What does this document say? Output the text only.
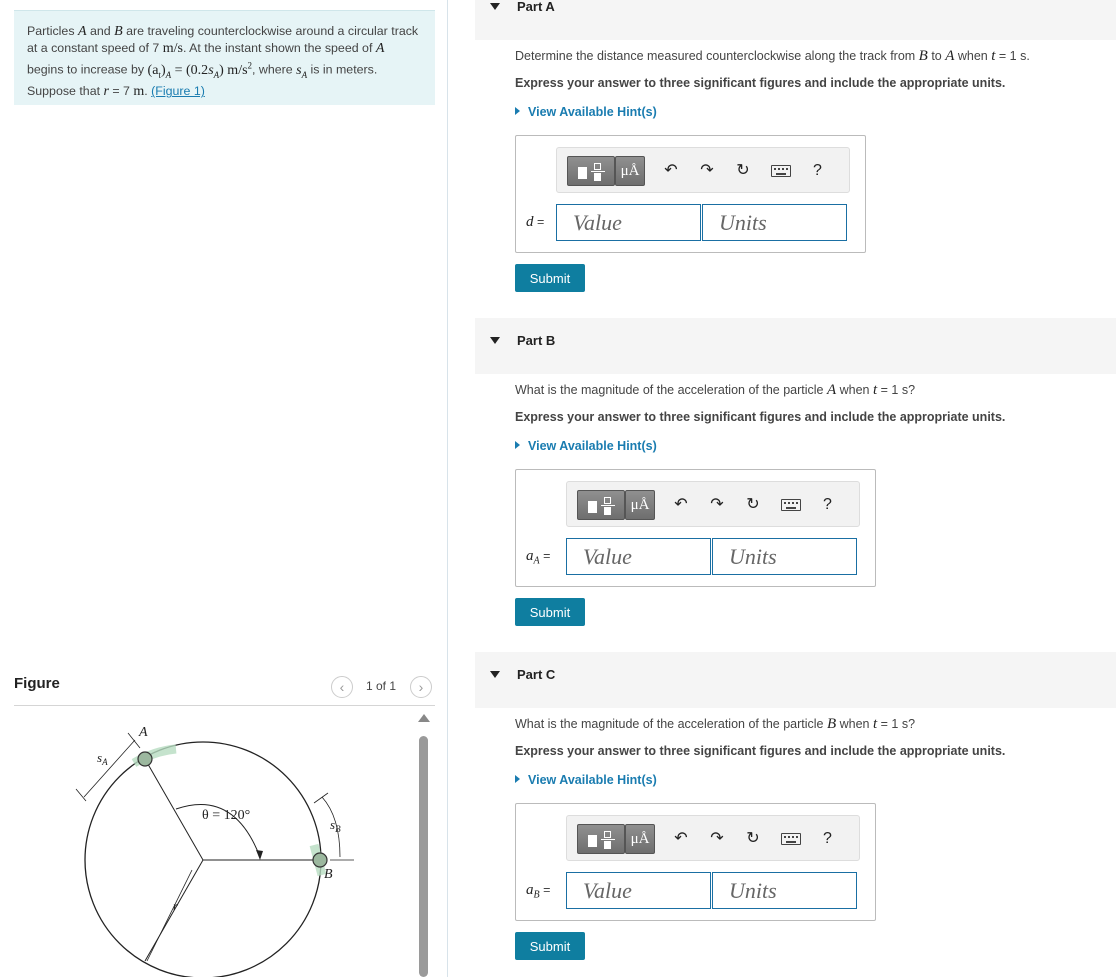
Particles A and B are traveling counterclockwise around a circular track at a constant speed of 7 m/s. At the instant shown the speed of A begins to increase by $(a_t)_A = (0.2s_A)$ $m/s^2$, where $s_A$ is in meters. Suppose that r = 7 m. (Figure 1)
Figure	‹	1 of 1	›
A
B
$s_A$
$s_B$
θ = 120°
r
Part A
Determine the distance measured counterclockwise along the track from B to A when t = 1 s.
Express your answer to three significant figures and include the appropriate units.
View Available Hint(s)
μÅ	↶ ↷ ↻	?
d =
Value
Units
Submit
Part B
What is the magnitude of the acceleration of the particle A when t = 1 s?
Express your answer to three significant figures and include the appropriate units.
View Available Hint(s)
μÅ	↶ ↷ ↻	?
$a_A$ =
Value
Units
Submit
Part C
What is the magnitude of the acceleration of the particle B when t = 1 s?
Express your answer to three significant figures and include the appropriate units.
View Available Hint(s)
μÅ	↶ ↷ ↻	?
$a_B$ =
Value
Units
Submit
